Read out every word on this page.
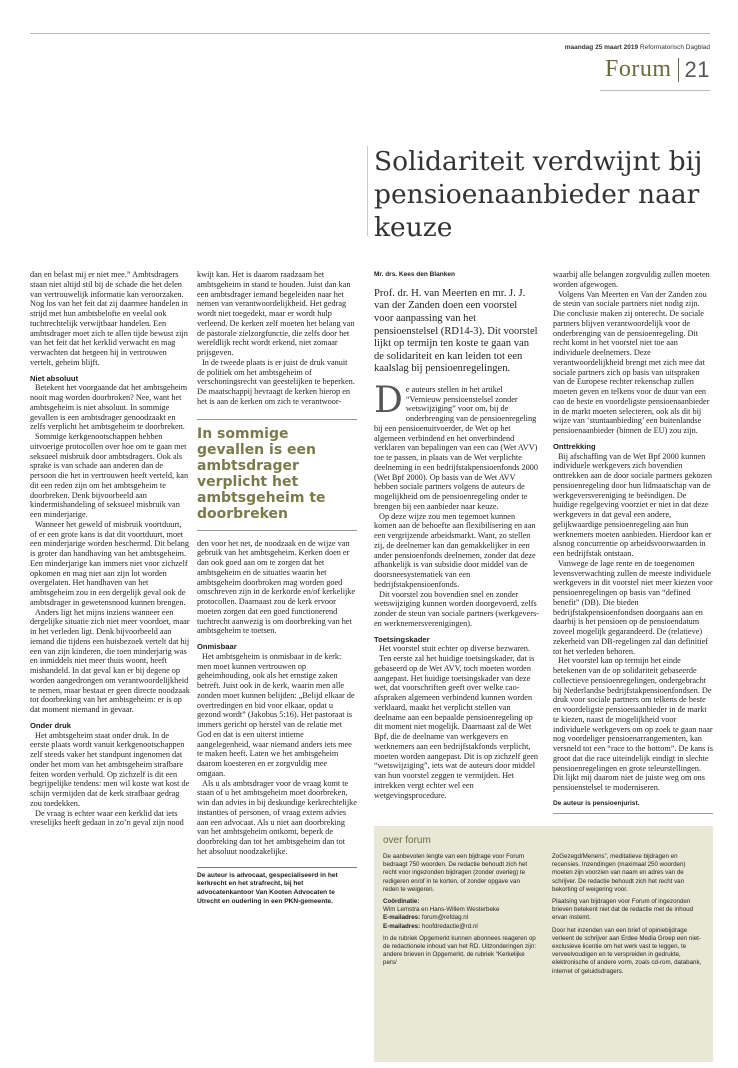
maandag 25 maart 2019 Reformatorisch Dagblad
Forum 21
Solidariteit verdwijnt bij pensioenaanbieder naar keuze

dan en belast mij er niet mee.” Ambtsdragers staan niet altijd stil bij de schade die het delen van vertrouwelijk informatie kan veroorzaken. Nog los van het feit dat zij daarmee handelen in strijd met hun ambtsbelofte en veelal ook tuchtrechtelijk verwijtbaar handelen. Een ambtsdrager moet zich te allen tijde bewust zijn van het feit dat het kerklid verwacht en mag verwachten dat hetgeen hij in vertrouwen vertelt, geheim blijft.

Niet absoluut

Betekent het voorgaande dat het ambtsgeheim nooit mag worden doorbroken? Nee, want het ambtsgeheim is niet absoluut. In sommige gevallen is een ambtsdrager genoodzaakt en zelfs verplicht het ambtsgeheim te doorbreken.

Sommige kerkgenootschappen hebben uitvoerige protocollen over hoe om te gaan met seksueel misbruik door ambtsdragers. Ook als sprake is van schade aan anderen dan de persoon die het in vertrouwen heeft verteld, kan dit een reden zijn om het ambtsgeheim te doorbreken. Denk bijvoorbeeld aan kindermishandeling of seksueel misbruik van een minderjarige.

Wanneer het geweld of misbruik voortduurt, of er een grote kans is dat dit voortduurt, moet een minderjarige worden beschermd. Dit belang is groter dan handhaving van het ambtsgeheim. Een minderjarige kan immers niet voor zichzelf opkomen en mag niet aan zijn lot worden overgelaten. Het handhaven van het ambtsgeheim zou in een dergelijk geval ook de ambtsdrager in gewetensnood kunnen brengen.

Anders ligt het mijns inziens wanneer een dergelijke situatie zich niet meer voordoet, maar in het verleden ligt. Denk bijvoorbeeld aan iemand die tijdens een huisbezoek vertelt dat hij een van zijn kinderen, die toen minderjarig was en inmiddels niet meer thuis woont, heeft mishandeld. In dat geval kan er bij degene op worden aangedrongen om verantwoordelijkheid te nemen, maar bestaat er geen directe noodzaak tot doorbreking van het ambtsgeheim: er is op dat moment niemand in gevaar.

Onder druk

Het ambtsgeheim staat onder druk. In de eerste plaats wordt vanuit kerkgenootschappen zelf steeds vaker het standpunt ingenomen dat onder het mom van het ambtsgeheim strafbare feiten worden verhuld. Op zichzelf is dit een begrijpelijke tendens: men wil koste wat kost de schijn vermijden dat de kerk strafbaar gedrag zou toedekken.

De vraag is echter waar een kerklid dat iets vreselijks heeft gedaan in zo’n geval zijn nood

kwijt kan. Het is daarom raadzaam het ambtsgeheim in stand te houden. Juist dan kan een ambtsdrager iemand begeleiden naar het nemen van verantwoordelijkheid. Het gedrag wordt niet toegedekt, maar er wordt hulp verleend. De kerken zelf moeten het belang van de pastorale zielzorgfunctie, die zelfs door het wereldlijk recht wordt erkend, niet zomaar prijsgeven.

In de tweede plaats is er juist de druk vanuit de politiek om het ambtsgeheim of verschoningsrecht van geestelijken te beperken. De maatschappij bevraagt de kerken hierop en het is aan de kerken om zich te verantwoor-

In sommige gevallen is een ambtsdrager verplicht het ambtsgeheim te doorbreken

den voor het net, de noodzaak en de wijze van gebruik van het ambtsgeheim. Kerken doen er dan ook goed aan om te zorgen dat het ambtsgeheim en de situaties waarin het ambtsgeheim doorbroken mag worden goed omschreven zijn in de kerkorde en/of kerkelijke protocollen. Daarnaast zou de kerk ervoor moeten zorgen dat een goed functionerend tuchtrecht aanwezig is om doorbreking van het ambtsgeheim te toetsen.

Onmisbaar

Het ambtsgeheim is onmisbaar in de kerk: men moet kunnen vertrouwen op geheimhouding, ook als het ernstige zaken betreft. Juist ook in de kerk, waarin men alle zonden moet kunnen belijden: „Belijd elkaar de overtredingen en bid voor elkaar, opdat u gezond wordt” (Jakobus 5:16). Het pastoraat is immers gericht op herstel van de relatie met God en dat is een uiterst intieme aangelegenheid, waar niemand anders iets mee te maken heeft. Laten we het ambtsgeheim daarom koesteren en er zorgvuldig mee omgaan.

Als u als ambtsdrager voor de vraag komt te staan of u het ambtsgeheim moet doorbreken, win dan advies in bij deskundige kerkrechtelijke instanties of personen, of vraag extern advies aan een advocaat. Als u niet aan doorbreking van het ambtsgeheim ontkomt, beperk de doorbreking dan tot het ambtsgeheim dan tot het absoluut noodzakelijke.

De auteur is advocaat, gespecialiseerd in het kerkrecht en het strafrecht, bij het advocatenkantoor Van Kooten Advocaten te Utrecht en ouderling in een PKN-gemeente.
Mr. drs. Kees den Blanken
Prof. dr. H. van Meerten en mr. J. J. van der Zanden doen een voorstel voor aanpassing van het pensioenstelsel (RD14-3). Dit voorstel lijkt op termijn ten koste te gaan van de solidariteit en kan leiden tot een kaalslag bij pensioenregelingen.

De auteurs stellen in het artikel “Vernieuw pensioenstelsel zonder wetswijziging” voor om, bij de onderbrenging van de pensioenregeling bij een pensioenuitvoerder, de Wet op het algemeen verbindend en het onverbindend verklaren van bepalingen van een cao (Wet AVV) toe te passen, in plaats van de Wet verplichte deelneming in een bedrijfstakpensioenfonds 2000 (Wet Bpf 2000). Op basis van de Wet AVV hebben sociale partners volgens de auteurs de mogelijkheid om de pensioenregeling onder te brengen bij een aanbieder naar keuze.

Op deze wijze zou men tegemoet kunnen komen aan de behoefte aan flexibilisering en aan een vergrijzende arbeidsmarkt. Want, zo stellen zij, de deelnemer kan dan gemakkelijker in een ander pensioenfonds deelnemen, zonder dat deze afhankelijk is van subsidie door middel van de doorsneesystematiek van een bedrijfstakpensioenfonds.

Dit voorstel zou bovendien snel en zonder wetswijziging kunnen worden doorgevoerd, zelfs zonder de steun van sociale partners (werkgevers- en werknemersverenigingen).

Toetsingskader

Het voorstel stuit echter op diverse bezwaren.

Ten eerste zal het huidige toetsingskader, dat is gebaseerd op de Wet AVV, toch moeten worden aangepast. Het huidige toetsingskader van deze wet, dat voorschriften geeft over welke cao-afspraken algemeen verbindend kunnen worden verklaard, maakt het verplicht stellen van deelname aan een bepaalde pensioenregeling op dit moment niet mogelijk. Daarnaast zal de Wet Bpf, die de deelname van werkgevers en werknemers aan een bedrijfstakfonds verplicht, moeten worden aangepast. Dit is op zichzelf geen “wetswijziging”, iets wat de auteurs door middel van hun voorstel zeggen te vermijden. Het intrekken vergt echter wel een wetgevingsprocedure.

waarbij alle belangen zorgvuldig zullen moeten worden afgewogen.

Volgens Van Meerten en Van der Zanden zou de steun van sociale partners niet nodig zijn. Die conclusie maken zij onterecht. De sociale partners blijven verantwoordelijk voor de onderbrenging van de pensioenregeling. Dit recht komt in het voorstel niet toe aan individuele deelnemers. Deze verantwoordelijkheid brengt met zich mee dat sociale partners zich op basis van uitspraken van de Europese rechter rekenschap zullen moeten geven en telkens voor de duur van een cao de beste en voordeligste pensioenaanbieder in de markt moeten selecteren, ook als dit bij wijze van ‘stuntaanbieding’ een buitenlandse pensioenaanbieder (binnen de EU) zou zijn.

Onttrekking

Bij afschaffing van de Wet Bpf 2000 kunnen individuele werkgevers zich bovendien onttrekken aan de door sociale partners gekozen pensioenregeling door hun lidmaatschap van de werkgeversvereniging te beëindigen. De huidige regelgeving voorziet er niet in dat deze werkgevers in dat geval een andere, gelijkwaardige pensioenregeling aan hun werknemers moeten aanbieden. Hierdoor kan er alsnog concurrentie op arbeidsvoorwaarden in een bedrijfstak ontstaan.

Vanwege de lage rente en de toegenomen levensverwachting zullen de meeste individuele werkgevers in dit voorstel niet meer kiezen voor pensioenregelingen op basis van “defined benefit” (DB). Die bieden bedrijfstakpensioenfondsen doorgaans aan en daarbij is het pensioen op de pensioendatum zoveel mogelijk gegarandeerd. De (relatieve) zekerheid van DB-regelingen zal dan definitief tot het verleden behoren.

Het voorstel kan op termijn het einde betekenen van de op solidariteit gebaseerde collectieve pensioenregelingen, ondergebracht bij Nederlandse bedrijfstakpensioenfondsen. De druk voor sociale partners om telkens de beste en voordeligste pensioenaanbieder in de markt te kiezen, naast de mogelijkheid voor individuele werkgevers om op zoek te gaan naar nog voordeliger pensioenarrangementen, kan versneld tot een “race to the bottom”. De kans is groot dat die race uiteindelijk eindigt in slechte pensioenregelingen en grote teleurstellingen. Dit lijkt mij daarom niet de juiste weg om ons pensioenstelsel te moderniseren.

De auteur is pensioenjurist.
over forum

De aanbevolen lengte van een bijdrage voor Forum bedraagt 750 woorden. De redactie behoudt zich het recht voor ingezonden bijdragen (zonder overleg) te redigeren en/of in te korten, of zonder opgave van reden te weigeren.

Coördinatie:
Wim Lemstra en Hans-Willem Westerbeke
E-mailadres: forum@refdag.nl
E-mailadres: hoofdredactie@rd.nl

In de rubriek Opgemerkt kunnen abonnees reageren op de redactionele inhoud van het RD. Uitzonderingen zijn: andere brieven in Opgemerkt, de rubriek “Kerkelijke pers/

ZoGezegd/Menens”, meditatieve bijdragen en recensies. Inzendingen (maximaal 250 woorden) moeten zijn voorzien van naam en adres van de schrijver. De redactie behoudt zich het recht van bekorting of weigering voor.

Plaatsing van bijdragen voor Forum of ingezonden brieven betekent niet dat de redactie met de inhoud ervan instemt.

Door het inzenden van een brief of opiniebijdrage verleent de schrijver aan Erdee Media Groep een niet-exclusieve licentie om het werk vast te leggen, te verveelvoudigen en te verspreiden in gedrukte, elektronische of andere vorm, zoals cd-rom, databank, internet of geluidsdragers.
